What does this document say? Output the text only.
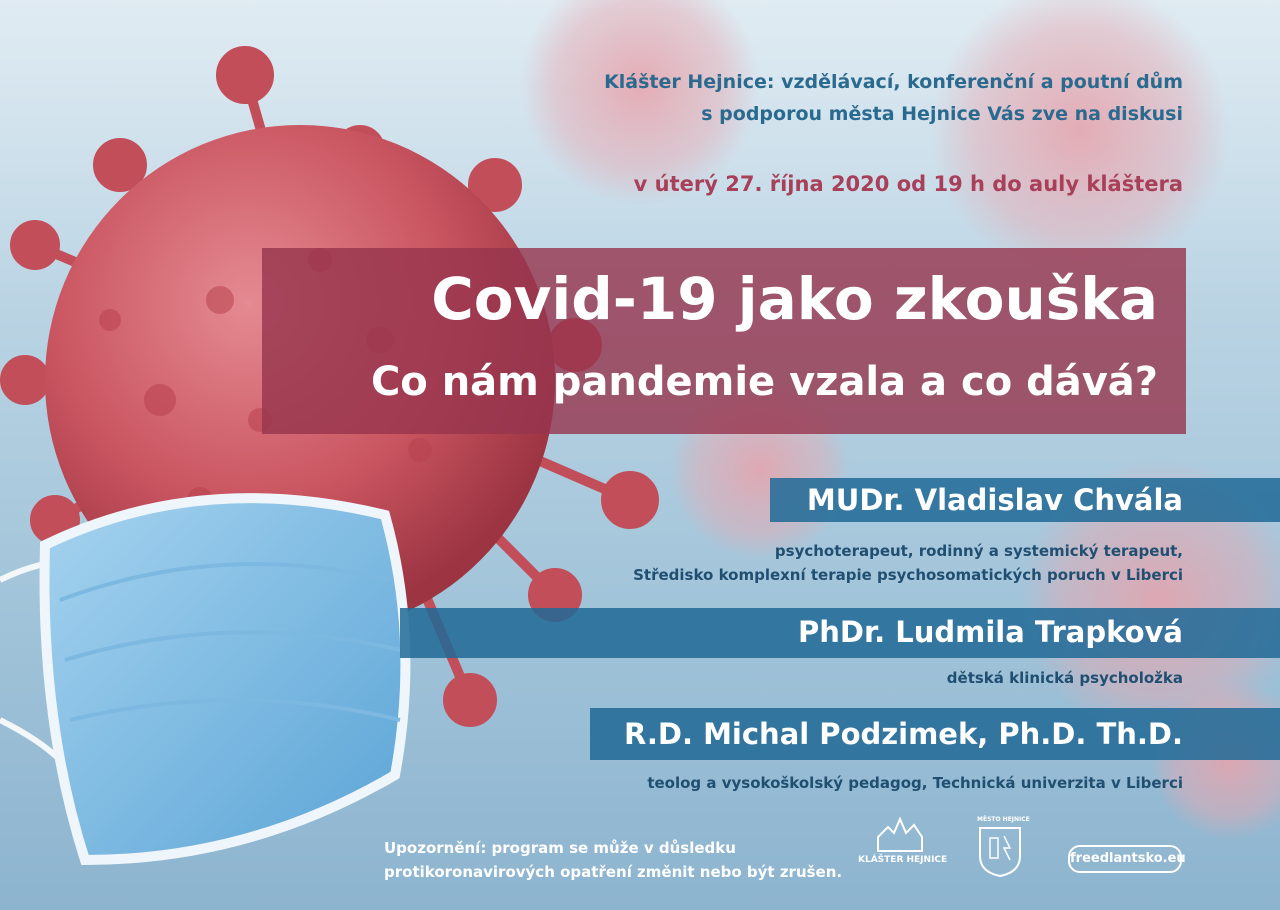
Klášter Hejnice: vzdělávací, konferenční a poutní dům
s podporou města Hejnice Vás zve na diskusi
v úterý 27. října 2020 od 19 h do auly kláštera
Covid-19 jako zkouška
Co nám pandemie vzala a co dává?
MUDr. Vladislav Chvála
psychoterapeut, rodinný a systemický terapeut,
Středisko komplexní terapie psychosomatických poruch v Liberci
PhDr. Ludmila Trapková
dětská klinická psycholožka
R.D. Michal Podzimek, Ph.D. Th.D.
teolog a vysokoškolský pedagog, Technická univerzita v Liberci
Upozornění: program se může v důsledku
protikoronavirových opatření změnit nebo být zrušen.
KLÁŠTER HEJNICE
MĚSTO HEJNICE
freedlantsko.eu
